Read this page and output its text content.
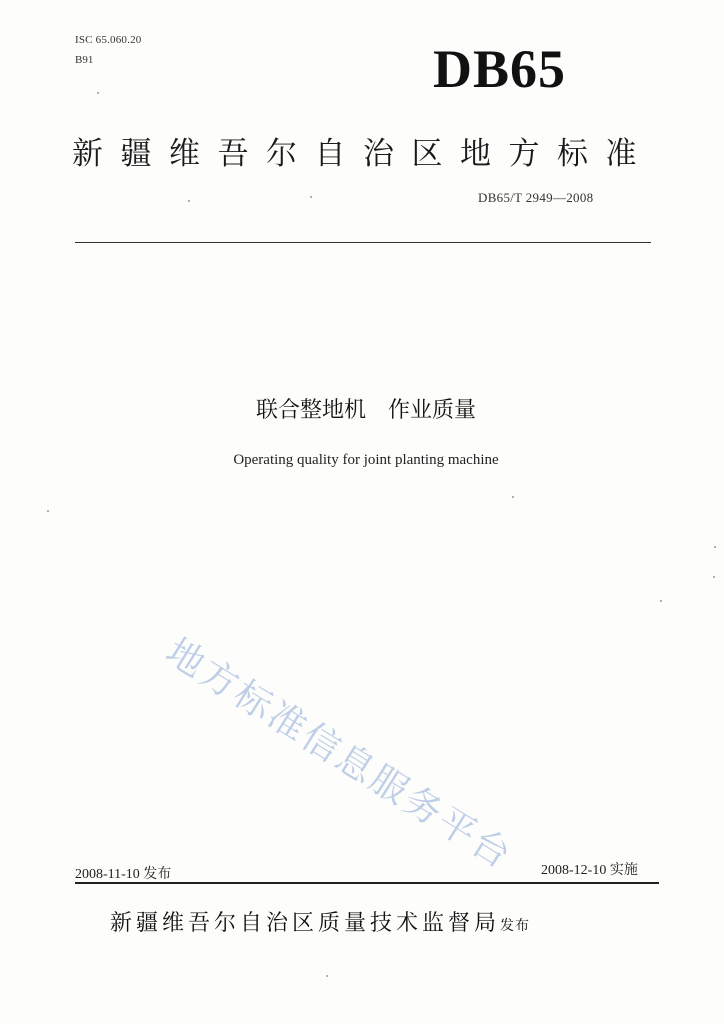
ISC 65.060.20
B91	DB65
新疆维吾尔自治区地方标准
DB65/T 2949—2008
联合整地机 作业质量
Operating quality for joint planting machine
地方标准信息服务平台
2008-11-10 发布	2008-12-10 实施
新疆维吾尔自治区质量技术监督局发布
